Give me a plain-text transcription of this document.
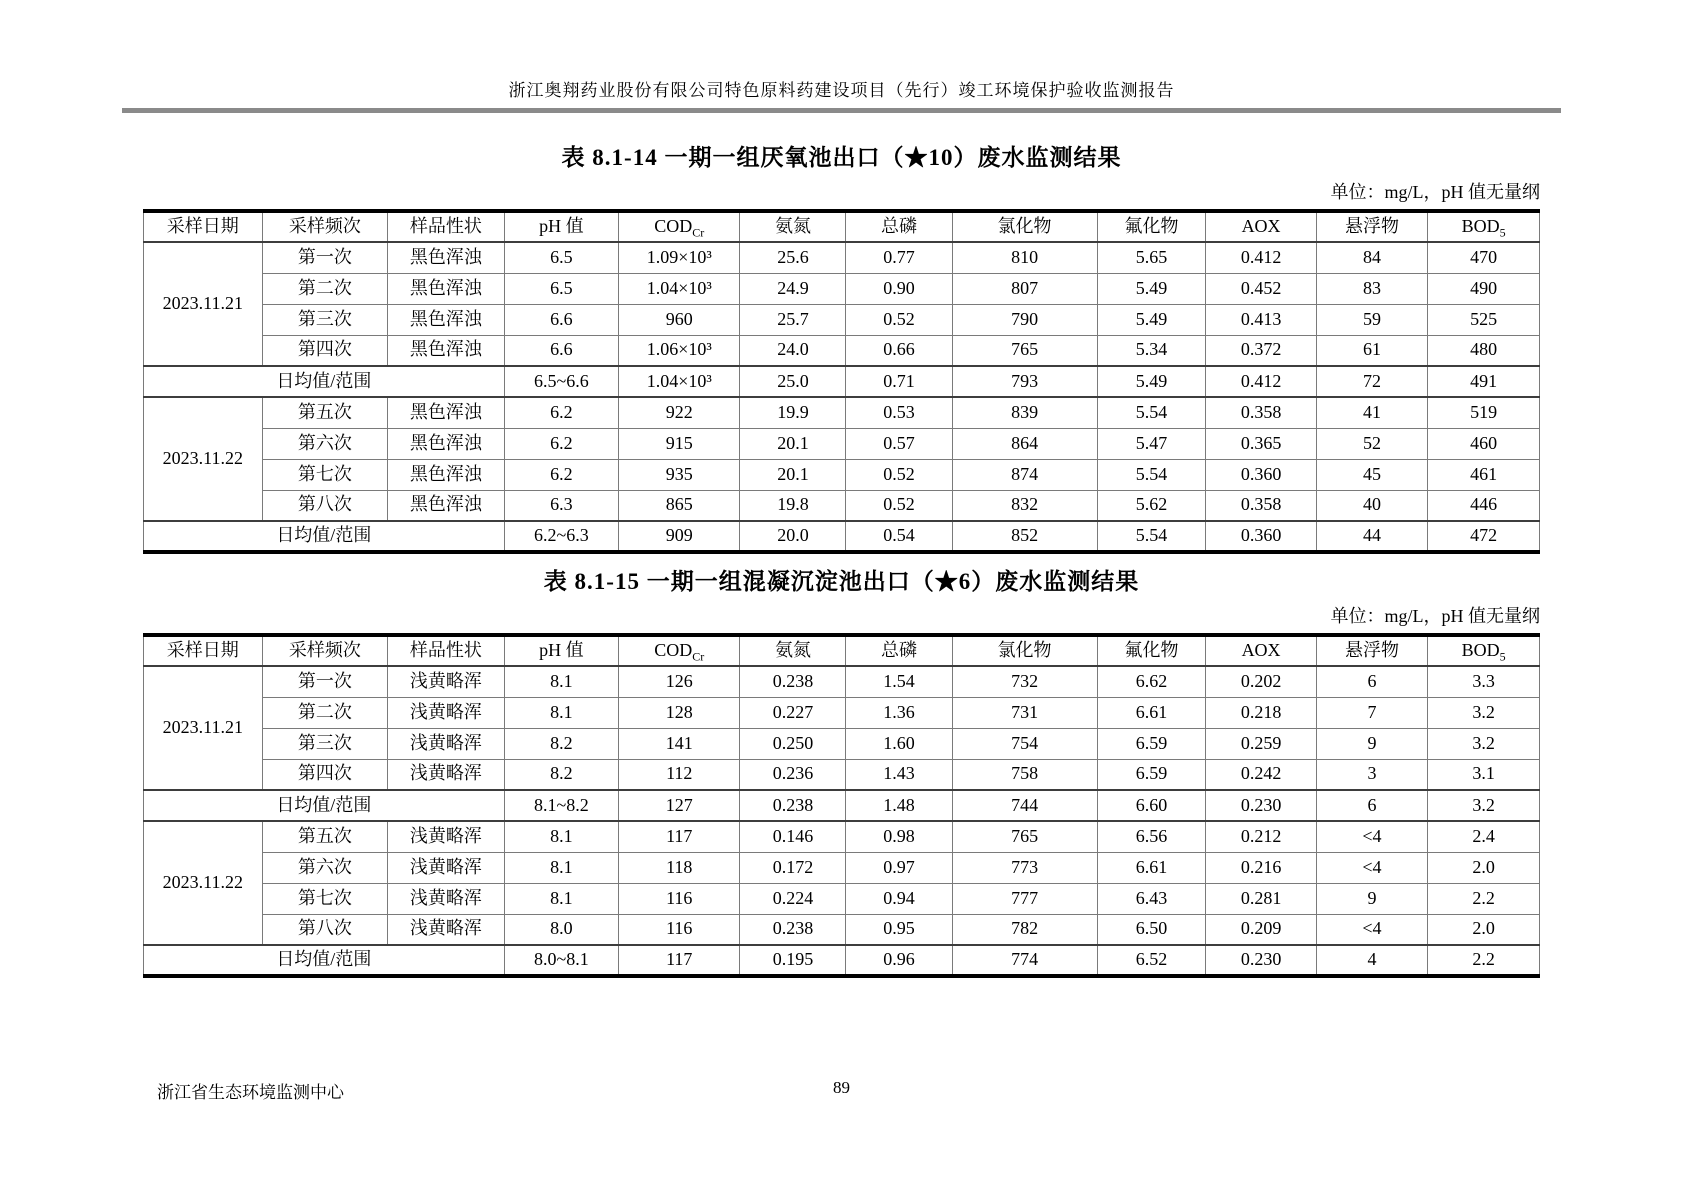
浙江奥翔药业股份有限公司特色原料药建设项目（先行）竣工环境保护验收监测报告
表 8.1-14 一期一组厌氧池出口（★10）废水监测结果
单位：mg/L，pH 值无量纲
采样日期	采样频次	样品性状	pH 值	$COD_{Cr}$	氨氮	总磷	氯化物	氟化物	AOX	悬浮物	$BOD_5$
2023.11.21	第一次	黑色浑浊	6.5	1.09×10³	25.6	0.77	810	5.65	0.412	84	470
	第二次	黑色浑浊	6.5	1.04×10³	24.9	0.90	807	5.49	0.452	83	490
	第三次	黑色浑浊	6.6	960	25.7	0.52	790	5.49	0.413	59	525
	第四次	黑色浑浊	6.6	1.06×10³	24.0	0.66	765	5.34	0.372	61	480
日均值/范围			6.5~6.6	1.04×10³	25.0	0.71	793	5.49	0.412	72	491
2023.11.22	第五次	黑色浑浊	6.2	922	19.9	0.53	839	5.54	0.358	41	519
	第六次	黑色浑浊	6.2	915	20.1	0.57	864	5.47	0.365	52	460
	第七次	黑色浑浊	6.2	935	20.1	0.52	874	5.54	0.360	45	461
	第八次	黑色浑浊	6.3	865	19.8	0.52	832	5.62	0.358	40	446
日均值/范围			6.2~6.3	909	20.0	0.54	852	5.54	0.360	44	472
表 8.1-15 一期一组混凝沉淀池出口（★6）废水监测结果
单位：mg/L，pH 值无量纲
采样日期	采样频次	样品性状	pH 值	$COD_{Cr}$	氨氮	总磷	氯化物	氟化物	AOX	悬浮物	$BOD_5$
2023.11.21	第一次	浅黄略浑	8.1	126	0.238	1.54	732	6.62	0.202	6	3.3
	第二次	浅黄略浑	8.1	128	0.227	1.36	731	6.61	0.218	7	3.2
	第三次	浅黄略浑	8.2	141	0.250	1.60	754	6.59	0.259	9	3.2
	第四次	浅黄略浑	8.2	112	0.236	1.43	758	6.59	0.242	3	3.1
日均值/范围			8.1~8.2	127	0.238	1.48	744	6.60	0.230	6	3.2
2023.11.22	第五次	浅黄略浑	8.1	117	0.146	0.98	765	6.56	0.212	<4	2.4
	第六次	浅黄略浑	8.1	118	0.172	0.97	773	6.61	0.216	<4	2.0
	第七次	浅黄略浑	8.1	116	0.224	0.94	777	6.43	0.281	9	2.2
	第八次	浅黄略浑	8.0	116	0.238	0.95	782	6.50	0.209	<4	2.0
日均值/范围			8.0~8.1	117	0.195	0.96	774	6.52	0.230	4	2.2
浙江省生态环境监测中心	89
